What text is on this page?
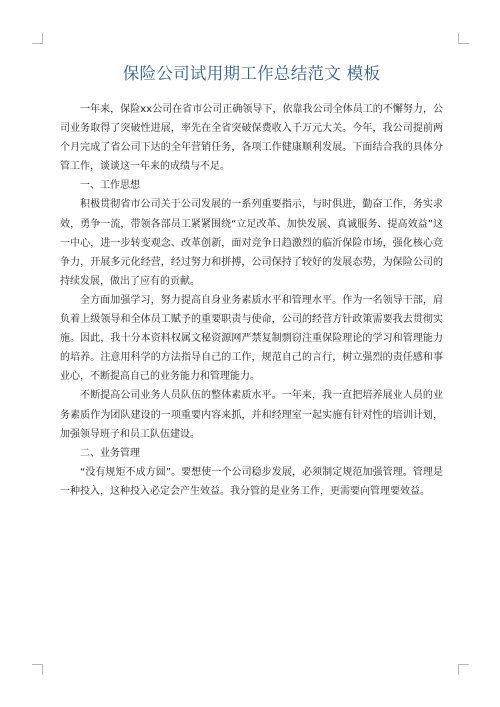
保险公司试用期工作总结范文 模板

一年来，保险xx公司在省市公司正确领导下，依靠我公司全体员工的不懈努力，公司业务取得了突破性进展，率先在全省突破保费收入千万元大关。今年，我公司提前两个月完成了省公司下达的全年营销任务，各项工作健康顺利发展。下面结合我的具体分管工作，谈谈这一年来的成绩与不足。

一、工作思想

积极贯彻省市公司关于公司发展的一系列重要指示，与时俱进，勤奋工作，务实求效，勇争一流，带领各部员工紧紧围绕“立足改革、加快发展、真诚服务、提高效益”这一中心，进一步转变观念、改革创新，面对竞争日趋激烈的临沂保险市场，强化核心竞争力，开展多元化经营，经过努力和拼搏，公司保持了较好的发展态势，为保险公司的持续发展，做出了应有的贡献。

全方面加强学习，努力提高自身业务素质水平和管理水平。作为一名领导干部，肩负着上级领导和全体员工赋予的重要职责与使命，公司的经营方针政策需要我去贯彻实施。因此，我十分本资料权属文秘资源网严禁复制剽窃注重保险理论的学习和管理能力的培养。注意用科学的方法指导自己的工作，规范自己的言行，树立强烈的责任感和事业心，不断提高自己的业务能力和管理能力。

不断提高公司业务人员队伍的整体素质水平。一年来，我一直把培养展业人员的业务素质作为团队建设的一项重要内容来抓，并和经理室一起实施有针对性的培训计划，加强领导班子和员工队伍建设。

二、业务管理

“没有规矩不成方圆”。要想使一个公司稳步发展，必须制定规范加强管理。管理是一种投入，这种投入必定会产生效益。我分管的是业务工作，更需要向管理要效益。
